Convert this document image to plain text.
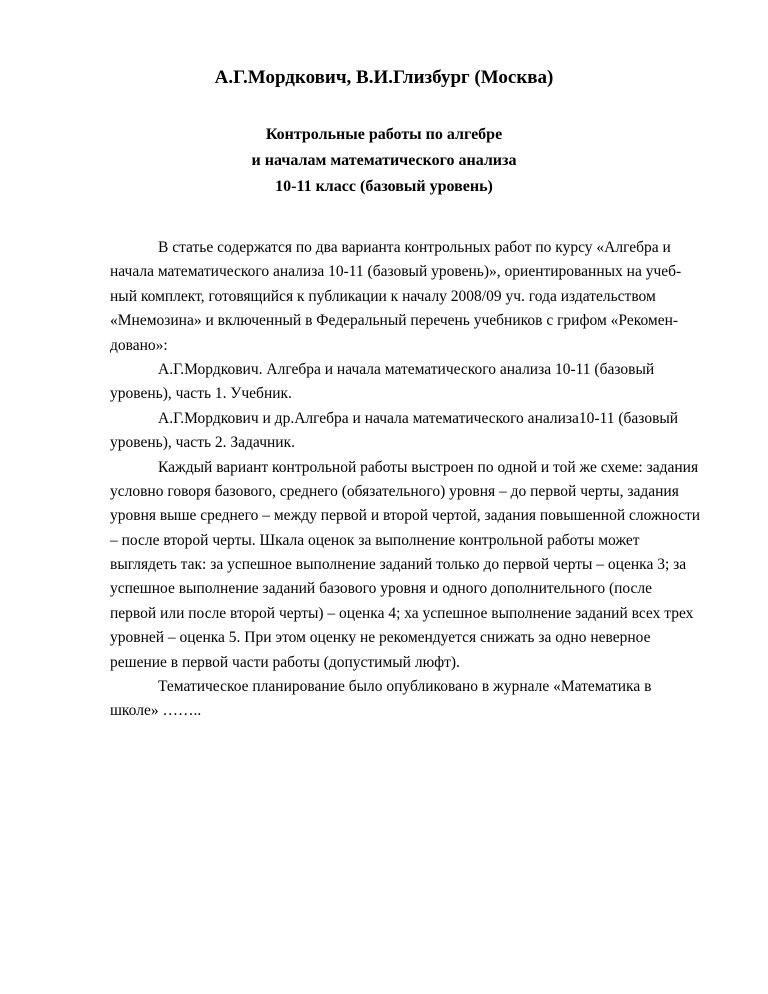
А.Г.Мордкович, В.И.Глизбург (Москва)
Контрольные работы по алгебре
и началам математического анализа
10-11 класс (базовый уровень)
В статье содержатся по два варианта контрольных работ по курсу «Алгебра и
начала математического анализа 10-11 (базовый уровень)», ориентированных на учеб-
ный комплект, готовящийся к публикации к началу 2008/09 уч. года издательством
«Мнемозина» и включенный в Федеральный перечень учебников с грифом «Рекомен-
довано»:
А.Г.Мордкович. Алгебра и начала математического анализа 10-11 (базовый
уровень), часть 1. Учебник.
А.Г.Мордкович и др.Алгебра и начала математического анализа10-11 (базовый
уровень), часть 2. Задачник.
Каждый вариант контрольной работы выстроен по одной и той же схеме: задания
условно говоря базового, среднего (обязательного) уровня – до первой черты, задания
уровня выше среднего – между первой и второй чертой, задания повышенной сложности
– после второй черты. Шкала оценок за выполнение контрольной работы может
выглядеть так: за успешное выполнение заданий только до первой черты – оценка 3; за
успешное выполнение заданий базового уровня и одного дополнительного (после
первой или после второй черты) – оценка 4; ха успешное выполнение заданий всех трех
уровней – оценка 5. При этом оценку не рекомендуется снижать за одно неверное
решение в первой части работы (допустимый люфт).
Тематическое планирование было опубликовано в журнале «Математика в
школе» ……..
